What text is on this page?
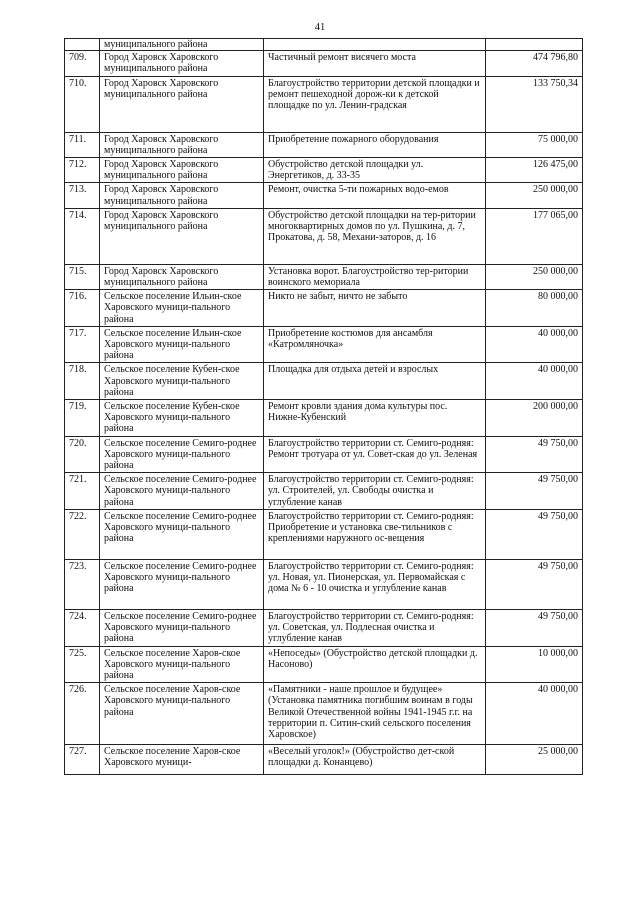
41
	муниципального района		
709.	Город Харовск Харовского муниципального района	Частичный ремонт висячего моста	474 796,80
710.	Город Харовск Харовского муниципального района	Благоустройство территории детской площадки и ремонт пешеходной дорож-ки к детской площадке по ул. Ленин-градская	133 750,34
711.	Город Харовск Харовского муниципального района	Приобретение пожарного оборудования	75 000,00
712.	Город Харовск Харовского муниципального района	Обустройство детской площадки ул. Энергетиков, д. 33-35	126 475,00
713.	Город Харовск Харовского муниципального района	Ремонт, очистка 5-ти пожарных водо-емов	250 000,00
714.	Город Харовск Харовского муниципального района	Обустройство детской площадки на тер-ритории многоквартирных домов по ул. Пушкина, д. 7, Прокатова, д. 58, Механи-заторов, д. 16	177 065,00
715.	Город Харовск Харовского муниципального района	Установка ворот. Благоустройство тер-ритории воинского мемориала	250 000,00
716.	Сельское поселение Ильин-ское Харовского муници-пального района	Никто не забыт, ничто не забыто	80 000,00
717.	Сельское поселение Ильин-ское Харовского муници-пального района	Приобретение костюмов для ансамбля «Катромляночка»	40 000,00
718.	Сельское поселение Кубен-ское Харовского муници-пального района	Площадка для отдыха детей и взрослых	40 000,00
719.	Сельское поселение Кубен-ское Харовского муници-пального района	Ремонт кровли здания дома культуры пос. Нижне-Кубенский	200 000,00
720.	Сельское поселение Семиго-роднее Харовского муници-пального района	Благоустройство территории ст. Семиго-родняя: Ремонт тротуара от ул. Совет-ская до ул. Зеленая	49 750,00
721.	Сельское поселение Семиго-роднее Харовского муници-пального района	Благоустройство территории ст. Семиго-родняя: ул. Строителей, ул. Свободы очистка и углубление канав	49 750,00
722.	Сельское поселение Семиго-роднее Харовского муници-пального района	Благоустройство территории ст. Семиго-родняя: Приобретение и установка све-тильников с креплениями наружного ос-вещения	49 750,00
723.	Сельское поселение Семиго-роднее Харовского муници-пального района	Благоустройство территории ст. Семиго-родняя: ул. Новая, ул. Пионерская, ул. Первомайская с дома № 6 - 10 очистка и углубление канав	49 750,00
724.	Сельское поселение Семиго-роднее Харовского муници-пального района	Благоустройство территории ст. Семиго-родняя: ул. Советская, ул. Подлесная очистка и углубление канав	49 750,00
725.	Сельское поселение Харов-ское Харовского муници-пального района	«Непоседы» (Обустройство детской площадки д. Насоново)	10 000,00
726.	Сельское поселение Харов-ское Харовского муници-пального района	«Памятники - наше прошлое и будущее» (Установка памятника погибшим воинам в годы Великой Отечественной войны 1941-1945 г.г. на территории п. Ситин-ский сельского поселения Харовское)	40 000,00
727.	Сельское поселение Харов-ское Харовского муници-	«Веселый уголок!» (Обустройство дет-ской площадки д. Конанцево)	25 000,00
